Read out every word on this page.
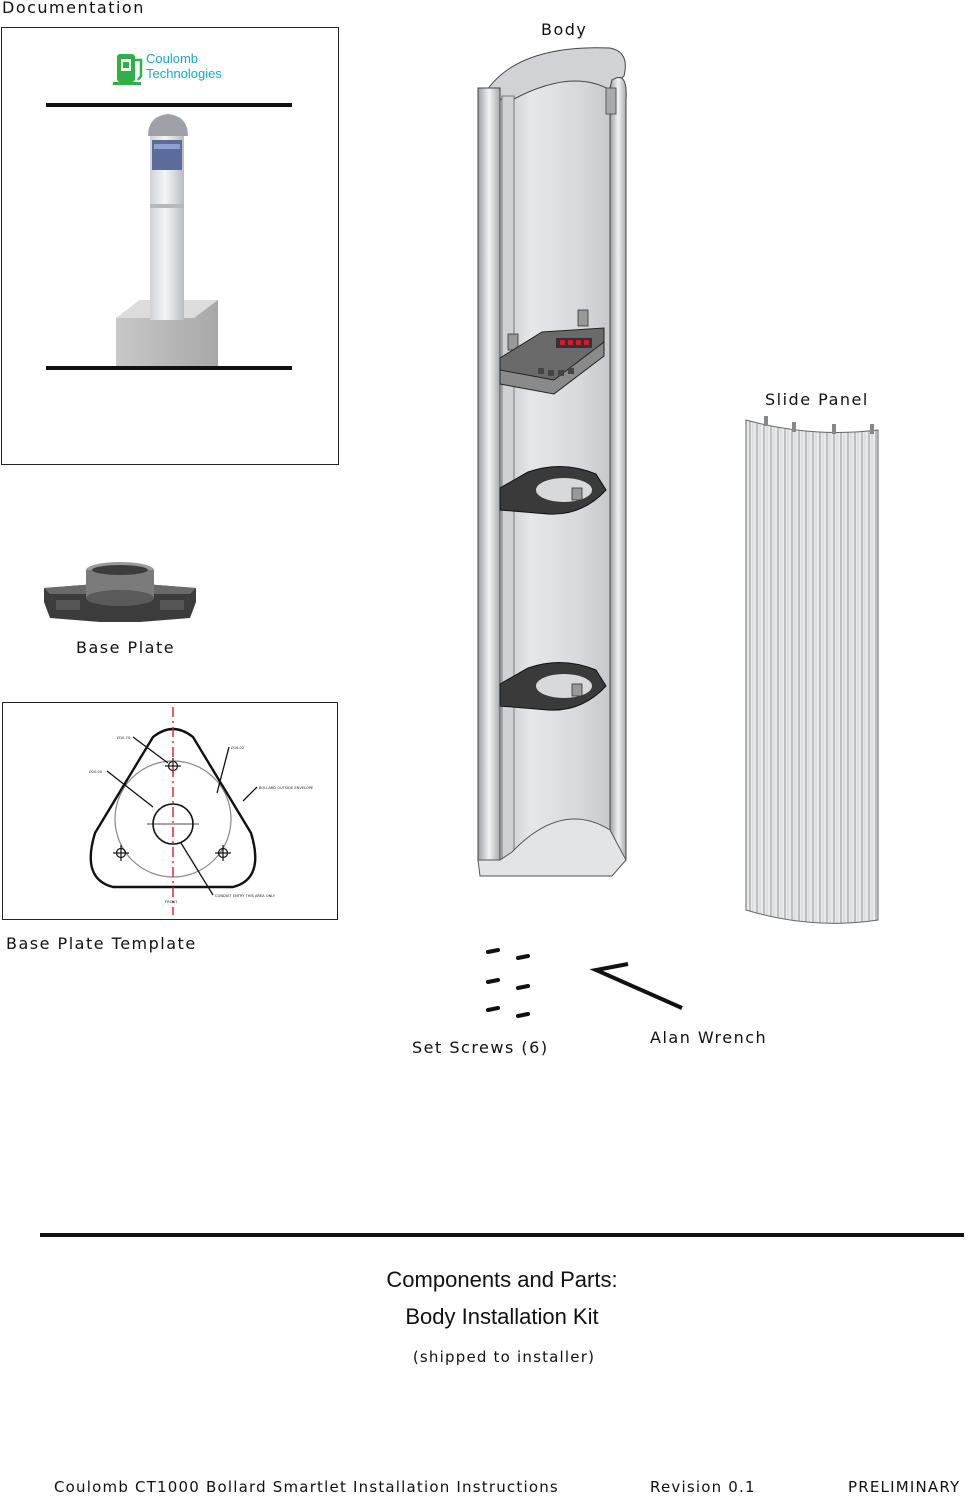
Documentation
Coulomb
Technologies
Base Plate
Ø10.70
Ø16.02
Ø20.00
BOLLARD OUTSIDE ENVELOPE
CONDUIT ENTRY THIS AREA ONLY
FRONT
Base Plate Template
Body
Slide Panel
Set Screws (6)
Alan Wrench
Components and Parts:
Body Installation Kit
(shipped to installer)
Coulomb CT1000 Bollard Smartlet Installation Instructions	Revision 0.1	PRELIMINARY
